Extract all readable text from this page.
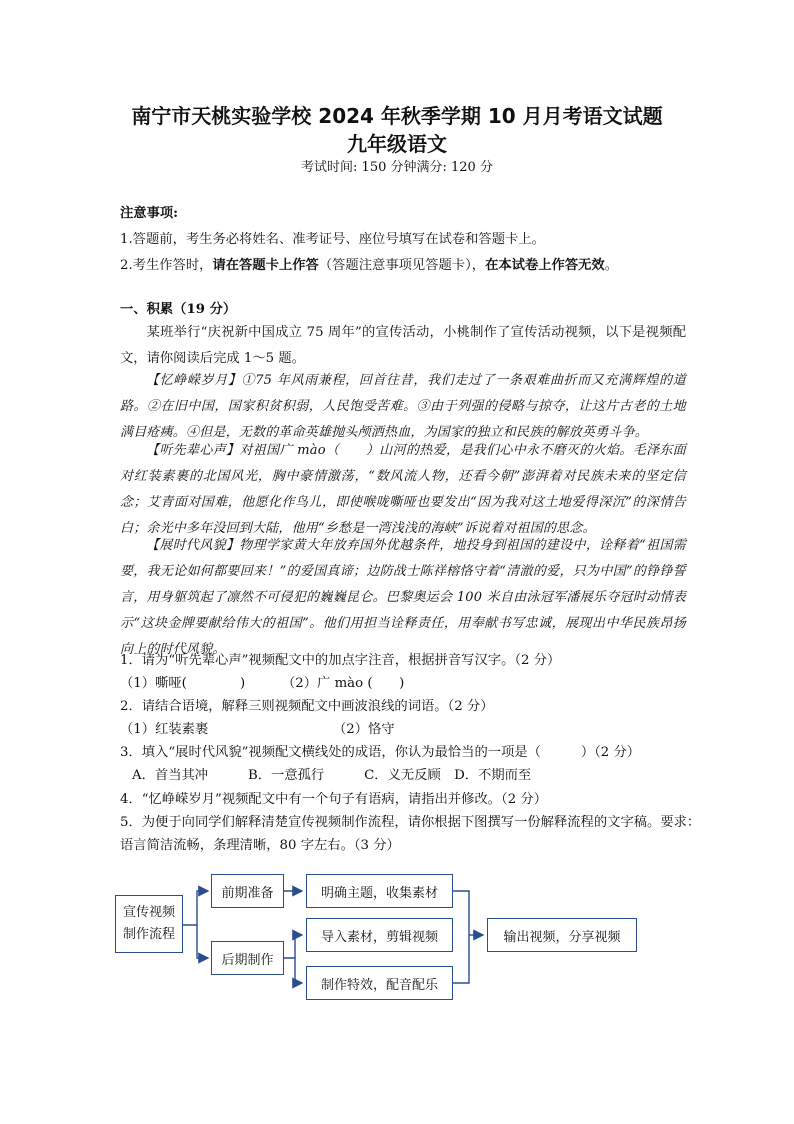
南宁市天桃实验学校 2024 年秋季学期 10 月月考语文试题
九年级语文
考试时间: 150 分钟满分: 120 分
注意事项:
1.答题前，考生务必将姓名、准考证号、座位号填写在试卷和答题卡上。
2.考生作答时，请在答题卡上作答（答题注意事项见答题卡），在本试卷上作答无效。
一、积累（19 分）
某班举行“庆祝新中国成立 75 周年”的宣传活动，小桃制作了宣传活动视频，以下是视频配文，请你阅读后完成 1～5 题。
【忆峥嵘岁月】①75 年风雨兼程，回首往昔，我们走过了一条艰难曲折而又充满辉煌的道路。②在旧中国，国家积贫积弱，人民饱受苦难。③由于列强的侵略与掠夺，让这片古老的土地满目疮痍。④但是，无数的革命英雄抛头颅洒热血，为国家的独立和民族的解放英勇斗争。
【听先辈心声】对祖国广 mào（　　）山河的热爱，是我们心中永不磨灭的火焰。毛泽东面对红装素裹的北国风光，胸中豪情激荡，“数风流人物，还看今朝”澎湃着对民族未来的坚定信念；艾青面对国难，他愿化作鸟儿，即使喉咙嘶哑也要发出“因为我对这土地爱得深沉”的深情告白；余光中多年没回到大陆，他用“乡愁是一湾浅浅的海峡”诉说着对祖国的思念。
【展时代风貌】物理学家黄大年放弃国外优越条件，地投身到祖国的建设中，诠释着“祖国需要，我无论如何都要回来！”的爱国真谛；边防战士陈祥榕恪守着“清澈的爱，只为中国”的铮铮誓言，用身躯筑起了凛然不可侵犯的巍巍昆仑。巴黎奥运会 100 米自由泳冠军潘展乐夺冠时动情表示“这块金牌要献给伟大的祖国”。他们用担当诠释责任，用奉献书写忠诚，展现出中华民族昂扬向上的时代风貌。
1．请为“听先辈心声”视频配文中的加点字注音，根据拼音写汉字。（2 分）
（1）嘶哑(　　　　)	（2）广 mào (　　)
2．请结合语境，解释三则视频配文中画波浪线的词语。（2 分）
（1）红装素裹	（2）恪守
3．填入“展时代风貌”视频配文横线处的成语，你认为最恰当的一项是（　　　）（2 分）
A．首当其冲　　　B．一意孤行　　　C．义无反顾　D．不期而至
4．“忆峥嵘岁月”视频配文中有一个句子有语病，请指出并修改。（2 分）
5．为便于向同学们解释清楚宣传视频制作流程，请你根据下图撰写一份解释流程的文字稿。要求：
语言简洁流畅，条理清晰，80 字左右。（3 分）
宣传视频
制作流程
前期准备
后期制作
明确主题，收集素材
导入素材，剪辑视频
制作特效，配音配乐
输出视频，分享视频
